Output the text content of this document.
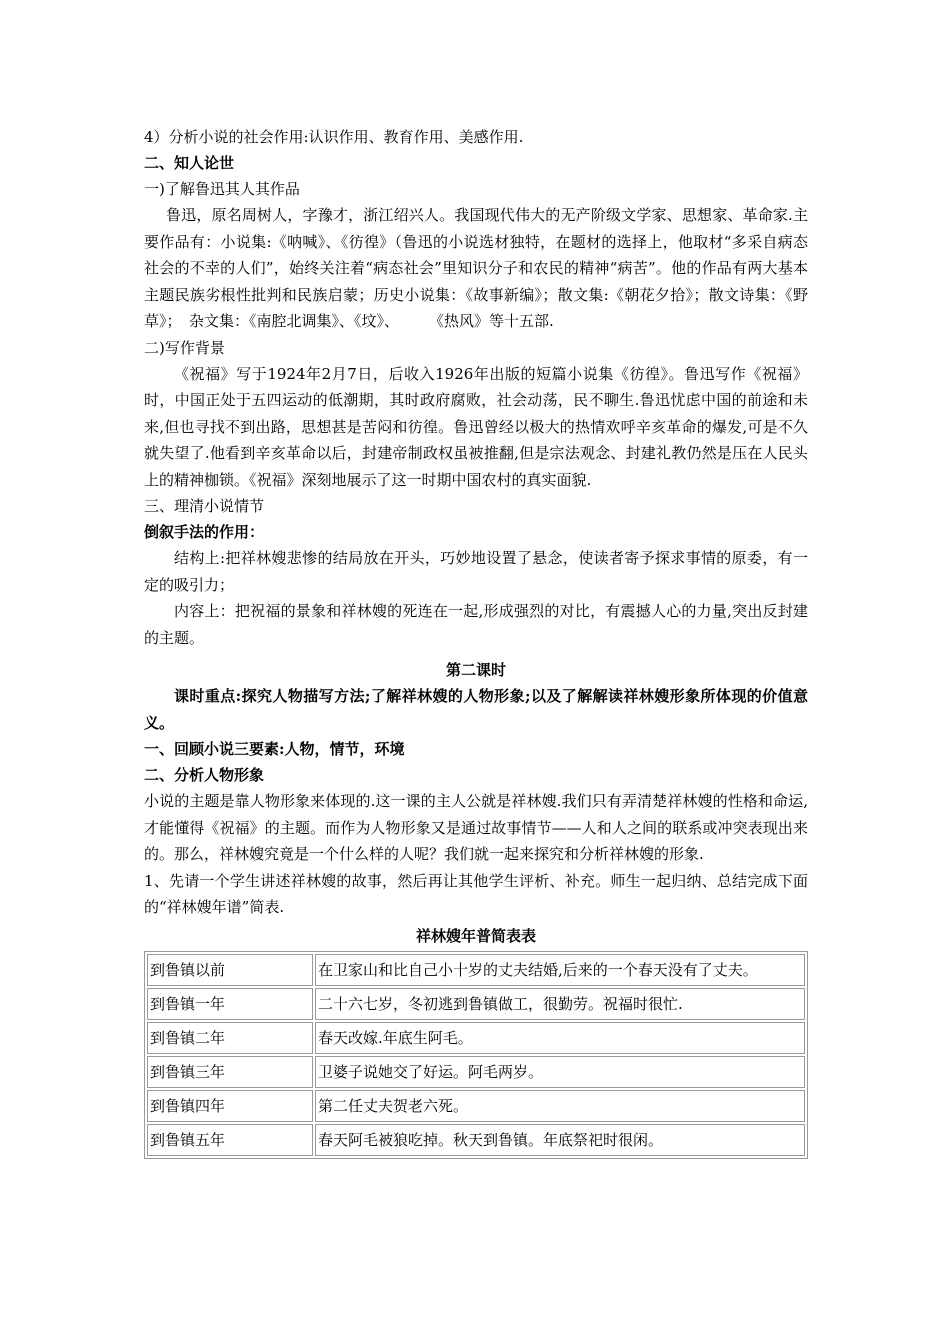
4）分析小说的社会作用:认识作用、教育作用、美感作用.

二、知人论世

一)了解鲁迅其人其作品

鲁迅，原名周树人，字豫才，浙江绍兴人。我国现代伟大的无产阶级文学家、思想家、革命家.主要作品有：小说集:《呐喊》、《彷徨》（鲁迅的小说选材独特，在题材的选择上，他取材“多采自病态社会的不幸的人们”，始终关注着“病态社会”里知识分子和农民的精神“病苦”。他的作品有两大基本主题民族劣根性批判和民族启蒙；历史小说集：《故事新编》；散文集:《朝花夕拾》；散文诗集：《野草》；　杂文集：《南腔北调集》、《坟》、　　　《热风》等十五部.

二)写作背景

《祝福》写于1924年2月7日，后收入1926年出版的短篇小说集《彷徨》。鲁迅写作《祝福》时，中国正处于五四运动的低潮期，其时政府腐败，社会动荡，民不聊生.鲁迅忧虑中国的前途和未来,但也寻找不到出路，思想甚是苦闷和彷徨。鲁迅曾经以极大的热情欢呼辛亥革命的爆发,可是不久就失望了.他看到辛亥革命以后，封建帝制政权虽被推翻,但是宗法观念、封建礼教仍然是压在人民头上的精神枷锁。《祝福》深刻地展示了这一时期中国农村的真实面貌.

三、理清小说情节

倒叙手法的作用：

结构上:把祥林嫂悲惨的结局放在开头，巧妙地设置了悬念，使读者寄予探求事情的原委，有一定的吸引力；

内容上：把祝福的景象和祥林嫂的死连在一起,形成强烈的对比，有震撼人心的力量,突出反封建的主题。

第二课时

课时重点:探究人物描写方法;了解祥林嫂的人物形象;以及了解解读祥林嫂形象所体现的价值意义。

一、回顾小说三要素:人物，情节，环境

二、分析人物形象

小说的主题是靠人物形象来体现的.这一课的主人公就是祥林嫂.我们只有弄清楚祥林嫂的性格和命运,才能懂得《祝福》的主题。而作为人物形象又是通过故事情节——人和人之间的联系或冲突表现出来的。那么，祥林嫂究竟是一个什么样的人呢？我们就一起来探究和分析祥林嫂的形象.

1、先请一个学生讲述祥林嫂的故事，然后再让其他学生评析、补充。师生一起归纳、总结完成下面的“祥林嫂年谱”简表.

祥林嫂年普简表表

到鲁镇以前	在卫家山和比自己小十岁的丈夫结婚,后来的一个春天没有了丈夫。
到鲁镇一年	二十六七岁，冬初逃到鲁镇做工，很勤劳。祝福时很忙.
到鲁镇二年	春天改嫁.年底生阿毛。
到鲁镇三年	卫婆子说她交了好运。阿毛两岁。
到鲁镇四年	第二任丈夫贺老六死。
到鲁镇五年	春天阿毛被狼吃掉。秋天到鲁镇。年底祭祀时很闲。
